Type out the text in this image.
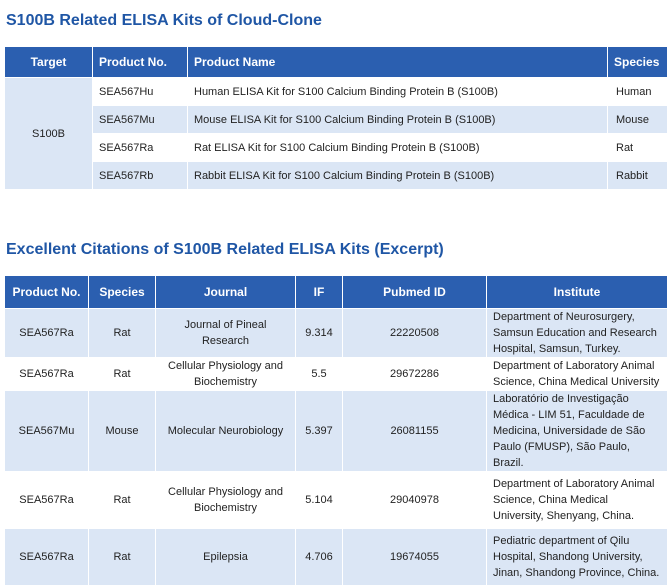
S100B Related ELISA Kits of Cloud-Clone
Target	Product No.	Product Name	Species
S100B	SEA567Hu	Human ELISA Kit for S100 Calcium Binding Protein B (S100B)	Human
	SEA567Mu	Mouse ELISA Kit for S100 Calcium Binding Protein B (S100B)	Mouse
	SEA567Ra	Rat ELISA Kit for S100 Calcium Binding Protein B (S100B)	Rat
	SEA567Rb	Rabbit ELISA Kit for S100 Calcium Binding Protein B (S100B)	Rabbit
Excellent Citations of S100B Related ELISA Kits (Excerpt)
Product No.	Species	Journal	IF	Pubmed ID	Institute
SEA567Ra	Rat	Journal of Pineal Research	9.314	22220508	Department of Neurosurgery, Samsun Education and Research Hospital, Samsun, Turkey.
SEA567Ra	Rat	Cellular Physiology and Biochemistry	5.5	29672286	Department of Laboratory Animal Science, China Medical University
SEA567Mu	Mouse	Molecular Neurobiology	5.397	26081155	Laboratório de Investigação Médica - LIM 51, Faculdade de Medicina, Universidade de São Paulo (FMUSP), São Paulo, Brazil.
SEA567Ra	Rat	Cellular Physiology and Biochemistry	5.104	29040978	Department of Laboratory Animal Science, China Medical University, Shenyang, China.
SEA567Ra	Rat	Epilepsia	4.706	19674055	Pediatric department of Qilu Hospital, Shandong University, Jinan, Shandong Province, China.
